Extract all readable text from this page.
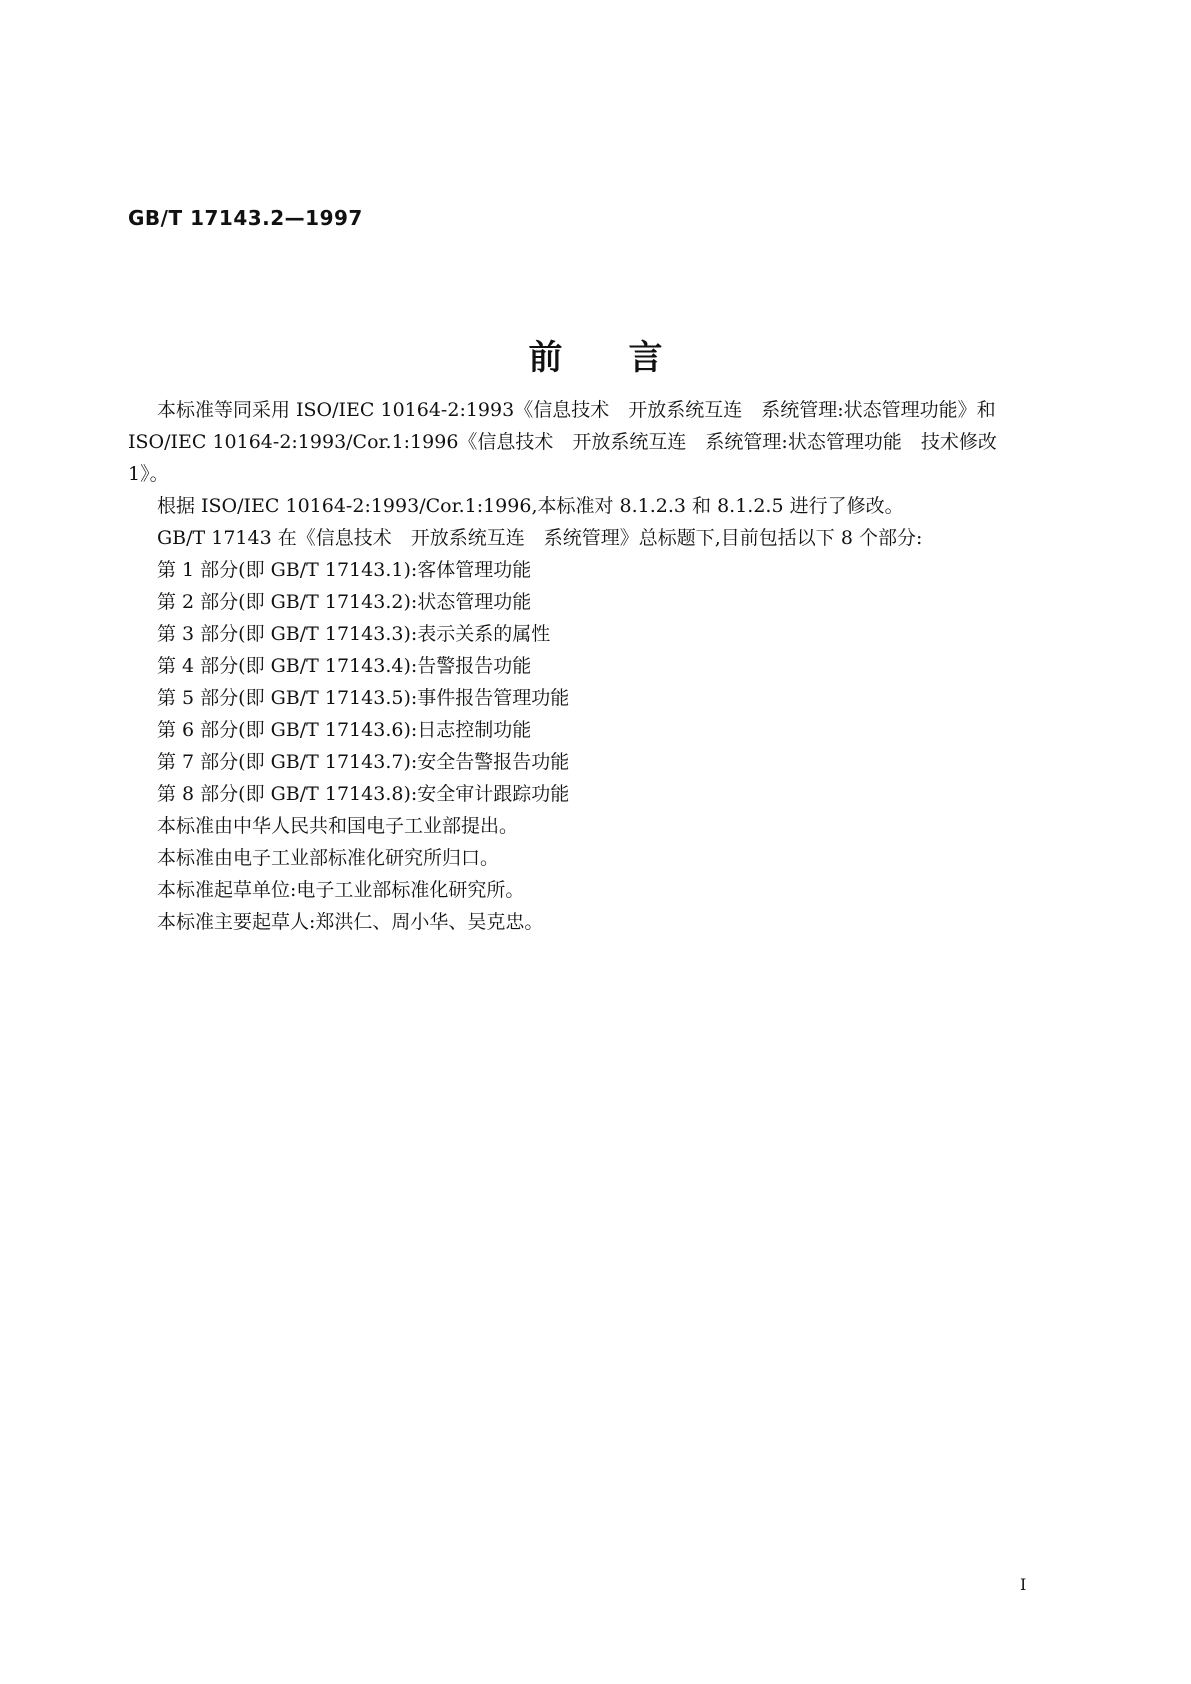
GB/T 17143.2—1997
前言
本标准等同采用 ISO/IEC 10164-2:1993《信息技术　开放系统互连　系统管理:状态管理功能》和
ISO/IEC 10164-2:1993/Cor.1:1996《信息技术　开放系统互连　系统管理:状态管理功能　技术修改
1》。
根据 ISO/IEC 10164-2:1993/Cor.1:1996,本标准对 8.1.2.3 和 8.1.2.5 进行了修改。
GB/T 17143 在《信息技术　开放系统互连　系统管理》总标题下,目前包括以下 8 个部分:
第 1 部分(即 GB/T 17143.1):客体管理功能
第 2 部分(即 GB/T 17143.2):状态管理功能
第 3 部分(即 GB/T 17143.3):表示关系的属性
第 4 部分(即 GB/T 17143.4):告警报告功能
第 5 部分(即 GB/T 17143.5):事件报告管理功能
第 6 部分(即 GB/T 17143.6):日志控制功能
第 7 部分(即 GB/T 17143.7):安全告警报告功能
第 8 部分(即 GB/T 17143.8):安全审计跟踪功能
本标准由中华人民共和国电子工业部提出。
本标准由电子工业部标准化研究所归口。
本标准起草单位:电子工业部标准化研究所。
本标准主要起草人:郑洪仁、周小华、吴克忠。
I
